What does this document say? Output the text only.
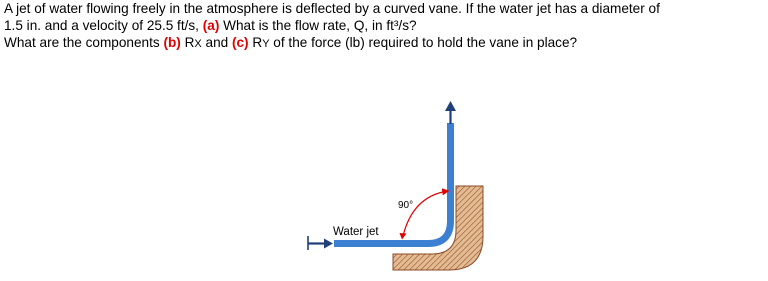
A jet of water flowing freely in the atmosphere is deflected by a curved vane. If the water jet has a diameter of
1.5 in. and a velocity of 25.5 ft/s, (a) What is the flow rate, Q, in ft³/s?
What are the components (b) RX and (c) RY of the force (lb) required to hold the vane in place?
90°
Water jet
